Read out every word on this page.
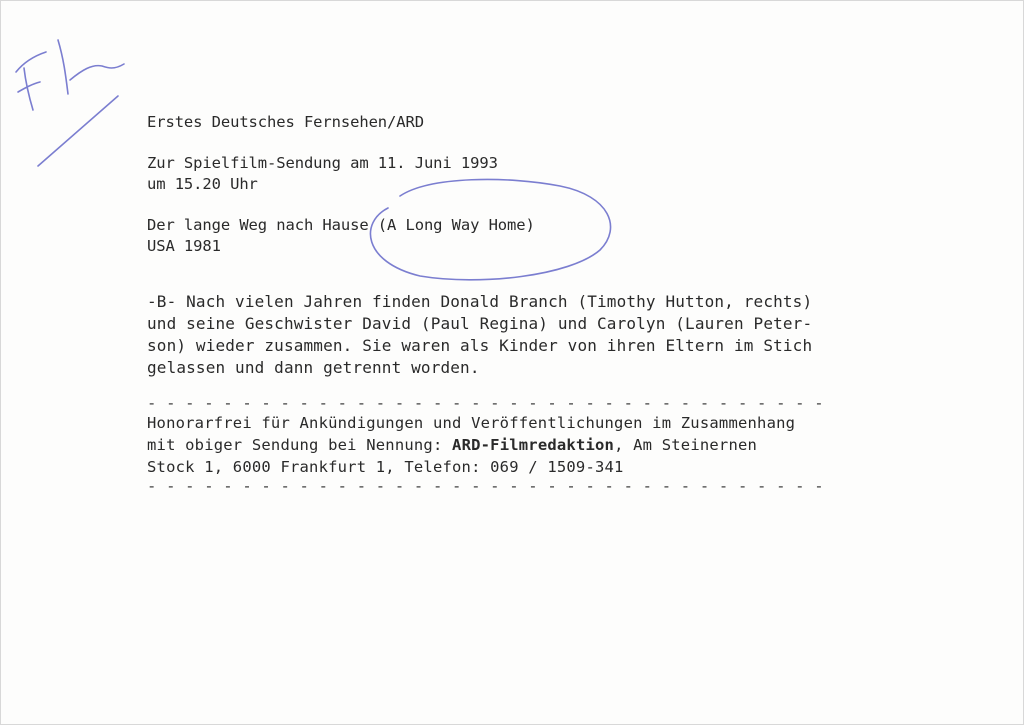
Erstes Deutsches Fernsehen/ARD
Zur Spielfilm-Sendung am 11. Juni 1993
um 15.20 Uhr
Der lange Weg nach Hause (A Long Way Home)
USA 1981
-B- Nach vielen Jahren finden Donald Branch (Timothy Hutton, rechts)
und seine Geschwister David (Paul Regina) und Carolyn (Lauren Peter-
son) wieder zusammen. Sie waren als Kinder von ihren Eltern im Stich
gelassen und dann getrennt worden.
- - - - - - - - - - - - - - - - - - - - - - - - - - - - - - - - - - - -
Honorarfrei für Ankündigungen und Veröffentlichungen im Zusammenhang
mit obiger Sendung bei Nennung: ARD-Filmredaktion, Am Steinernen
Stock 1, 6000 Frankfurt 1, Telefon: 069 / 1509-341
- - - - - - - - - - - - - - - - - - - - - - - - - - - - - - - - - - - -
